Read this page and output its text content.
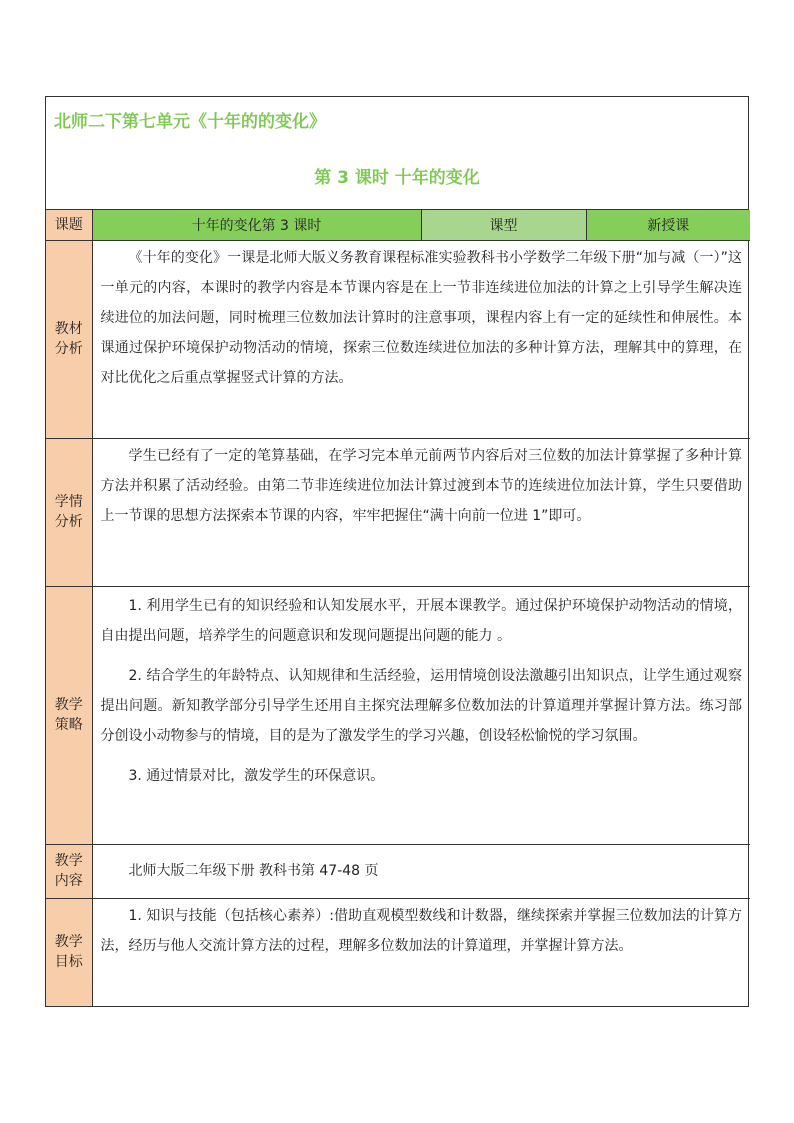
北师二下第七单元《十年的的变化》
第 3 课时 十年的变化
课题	十年的变化第 3 课时	课型	新授课
教材分析	《十年的变化》一课是北师大版义务教育课程标准实验教科书小学数学二年级下册“加与减（一）”这一单元的内容，本课时的教学内容是本节课内容是在上一节非连续进位加法的计算之上引导学生解决连续进位的加法问题，同时梳理三位数加法计算时的注意事项，课程内容上有一定的延续性和伸展性。本课通过保护环境保护动物活动的情境，探索三位数连续进位加法的多种计算方法，理解其中的算理，在对比优化之后重点掌握竖式计算的方法。		

学情分析	学生已经有了一定的笔算基础，在学习完本单元前两节内容后对三位数的加法计算掌握了多种计算方法并积累了活动经验。由第二节非连续进位加法计算过渡到本节的连续进位加法计算，学生只要借助上一节课的思想方法探索本节课的内容，牢牢把握住“满十向前一位进 1”即可。		

教学策略	1. 利用学生已有的知识经验和认知发展水平，开展本课教学。通过保护环境保护动物活动的情境，自由提出问题，培养学生的问题意识和发现问题提出问题的能力 。

2. 结合学生的年龄特点、认知规律和生活经验，运用情境创设法激趣引出知识点，让学生通过观察提出问题。新知教学部分引导学生还用自主探究法理解多位数加法的计算道理并掌握计算方法。练习部分创设小动物参与的情境，目的是为了激发学生的学习兴趣，创设轻松愉悦的学习氛围。

3. 通过情景对比，激发学生的环保意识。		

教学内容	北师大版二年级下册 教科书第 47-48 页		

教学目标	1. 知识与技能（包括核心素养）:借助直观模型数线和计数器，继续探索并掌握三位数加法的计算方法，经历与他人交流计算方法的过程，理解多位数加法的计算道理，并掌握计算方法。		
